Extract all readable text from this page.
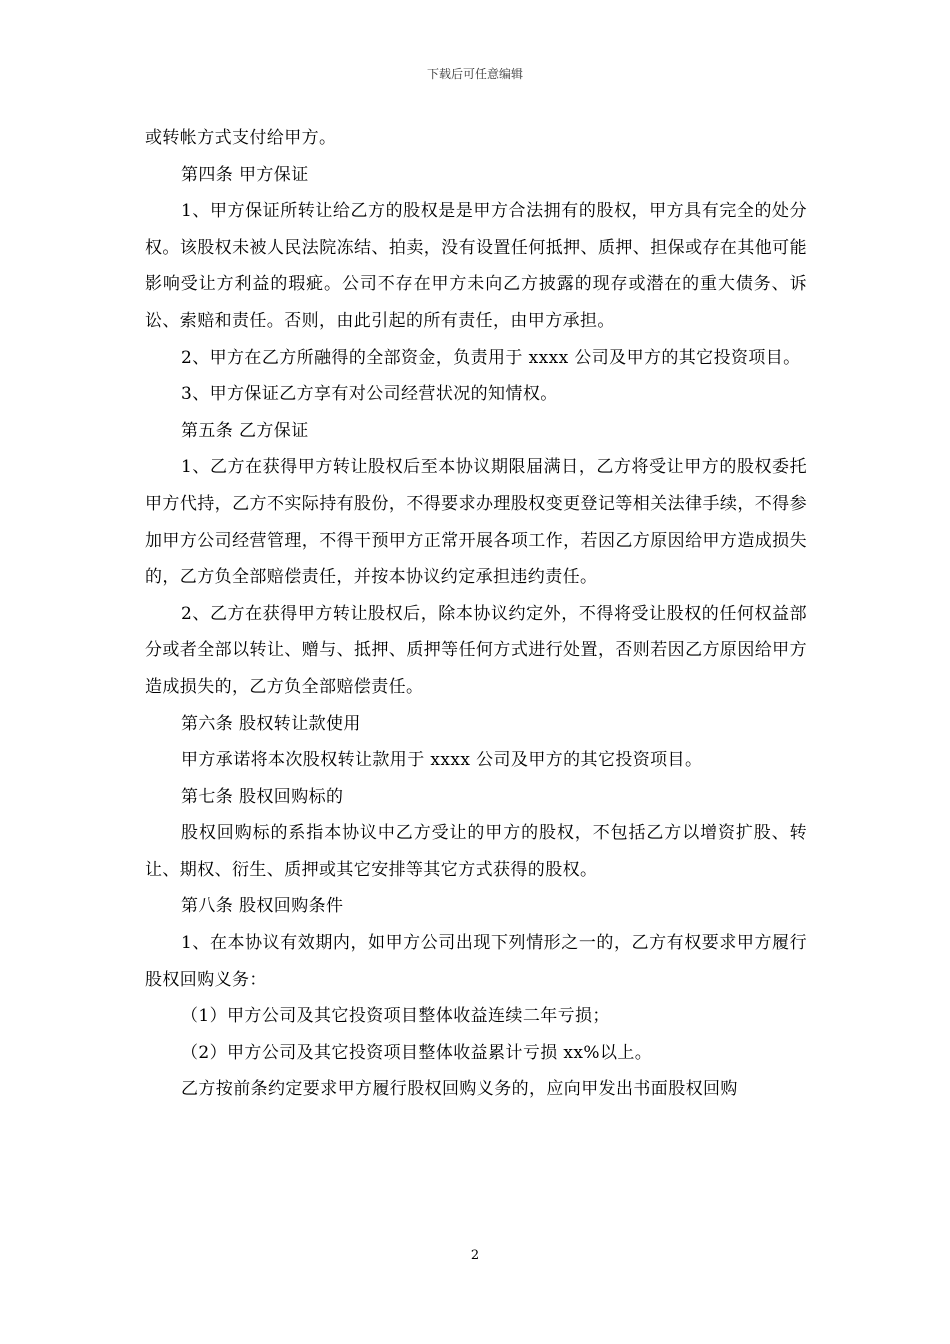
下载后可任意编辑

或转帐方式支付给甲方。

第四条 甲方保证

1、甲方保证所转让给乙方的股权是是甲方合法拥有的股权，甲方具有完全的处分权。该股权未被人民法院冻结、拍卖，没有设置任何抵押、质押、担保或存在其他可能影响受让方利益的瑕疵。公司不存在甲方未向乙方披露的现存或潜在的重大债务、诉讼、索赔和责任。否则，由此引起的所有责任，由甲方承担。

2、甲方在乙方所融得的全部资金，负责用于 xxxx 公司及甲方的其它投资项目。

3、甲方保证乙方享有对公司经营状况的知情权。

第五条 乙方保证

1、乙方在获得甲方转让股权后至本协议期限届满日，乙方将受让甲方的股权委托甲方代持，乙方不实际持有股份，不得要求办理股权变更登记等相关法律手续，不得参加甲方公司经营管理，不得干预甲方正常开展各项工作，若因乙方原因给甲方造成损失的，乙方负全部赔偿责任，并按本协议约定承担违约责任。

2、乙方在获得甲方转让股权后，除本协议约定外，不得将受让股权的任何权益部分或者全部以转让、赠与、抵押、质押等任何方式进行处置，否则若因乙方原因给甲方造成损失的，乙方负全部赔偿责任。

第六条 股权转让款使用

甲方承诺将本次股权转让款用于 xxxx 公司及甲方的其它投资项目。

第七条 股权回购标的

股权回购标的系指本协议中乙方受让的甲方的股权，不包括乙方以增资扩股、转让、期权、衍生、质押或其它安排等其它方式获得的股权。

第八条 股权回购条件

1、在本协议有效期内，如甲方公司出现下列情形之一的，乙方有权要求甲方履行股权回购义务：

（1）甲方公司及其它投资项目整体收益连续二年亏损；

（2）甲方公司及其它投资项目整体收益累计亏损 xx%以上。

乙方按前条约定要求甲方履行股权回购义务的，应向甲发出书面股权回购

2
